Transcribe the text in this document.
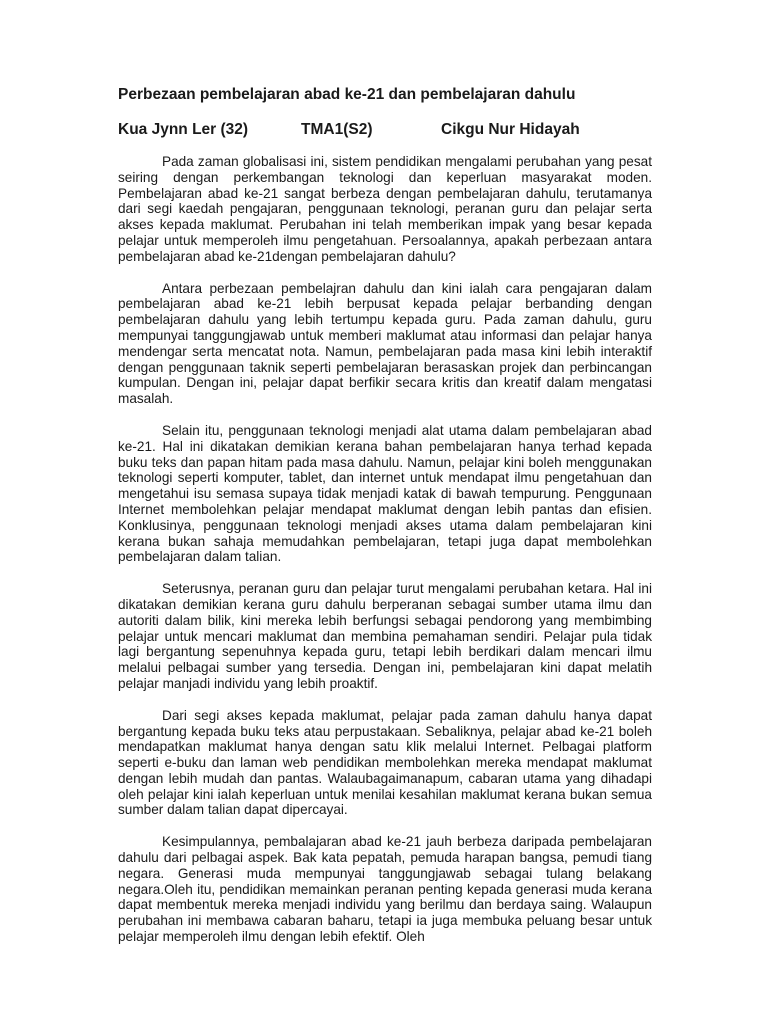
Perbezaan pembelajaran abad ke-21 dan pembelajaran dahulu
Kua Jynn Ler (32)	TMA1(S2)	Cikgu Nur Hidayah

Pada zaman globalisasi ini, sistem pendidikan mengalami perubahan yang pesat seiring dengan perkembangan teknologi dan keperluan masyarakat moden. Pembelajaran abad ke-21 sangat berbeza dengan pembelajaran dahulu, terutamanya dari segi kaedah pengajaran, penggunaan teknologi, peranan guru dan pelajar serta akses kepada maklumat. Perubahan ini telah memberikan impak yang besar kepada pelajar untuk memperoleh ilmu pengetahuan. Persoalannya, apakah perbezaan antara pembelajaran abad ke-21dengan pembelajaran dahulu?

Antara perbezaan pembelajran dahulu dan kini ialah cara pengajaran dalam pembelajaran abad ke-21 lebih berpusat kepada pelajar berbanding dengan pembelajaran dahulu yang lebih tertumpu kepada guru. Pada zaman dahulu, guru mempunyai tanggungjawab untuk memberi maklumat atau informasi dan pelajar hanya mendengar serta mencatat nota. Namun, pembelajaran pada masa kini lebih interaktif dengan penggunaan taknik seperti pembelajaran berasaskan projek dan perbincangan kumpulan. Dengan ini, pelajar dapat berfikir secara kritis dan kreatif dalam mengatasi masalah.

Selain itu, penggunaan teknologi menjadi alat utama dalam pembelajaran abad ke-21. Hal ini dikatakan demikian kerana bahan pembelajaran hanya terhad kepada buku teks dan papan hitam pada masa dahulu. Namun, pelajar kini boleh menggunakan teknologi seperti komputer, tablet, dan internet untuk mendapat ilmu pengetahuan dan mengetahui isu semasa supaya tidak menjadi katak di bawah tempurung. Penggunaan Internet membolehkan pelajar mendapat maklumat dengan lebih pantas dan efisien. Konklusinya, penggunaan teknologi menjadi akses utama dalam pembelajaran kini kerana bukan sahaja memudahkan pembelajaran, tetapi juga dapat membolehkan pembelajaran dalam talian.

Seterusnya, peranan guru dan pelajar turut mengalami perubahan ketara. Hal ini dikatakan demikian kerana guru dahulu berperanan sebagai sumber utama ilmu dan autoriti dalam bilik, kini mereka lebih berfungsi sebagai pendorong yang membimbing pelajar untuk mencari maklumat dan membina pemahaman sendiri. Pelajar pula tidak lagi bergantung sepenuhnya kepada guru, tetapi lebih berdikari dalam mencari ilmu melalui pelbagai sumber yang tersedia. Dengan ini, pembelajaran kini dapat melatih pelajar manjadi individu yang lebih proaktif.

Dari segi akses kepada maklumat, pelajar pada zaman dahulu hanya dapat bergantung kepada buku teks atau perpustakaan. Sebaliknya, pelajar abad ke-21 boleh mendapatkan maklumat hanya dengan satu klik melalui Internet. Pelbagai platform seperti e-buku dan laman web pendidikan membolehkan mereka mendapat maklumat dengan lebih mudah dan pantas. Walaubagaimanapum, cabaran utama yang dihadapi oleh pelajar kini ialah keperluan untuk menilai kesahilan maklumat kerana bukan semua sumber dalam talian dapat dipercayai.

Kesimpulannya, pembalajaran abad ke-21 jauh berbeza daripada pembelajaran dahulu dari pelbagai aspek. Bak kata pepatah, pemuda harapan bangsa, pemudi tiang negara. Generasi muda mempunyai tanggungjawab sebagai tulang belakang negara.Oleh itu, pendidikan memainkan peranan penting kepada generasi muda kerana dapat membentuk mereka menjadi individu yang berilmu dan berdaya saing. Walaupun perubahan ini membawa cabaran baharu, tetapi ia juga membuka peluang besar untuk pelajar memperoleh ilmu dengan lebih efektif. Oleh
